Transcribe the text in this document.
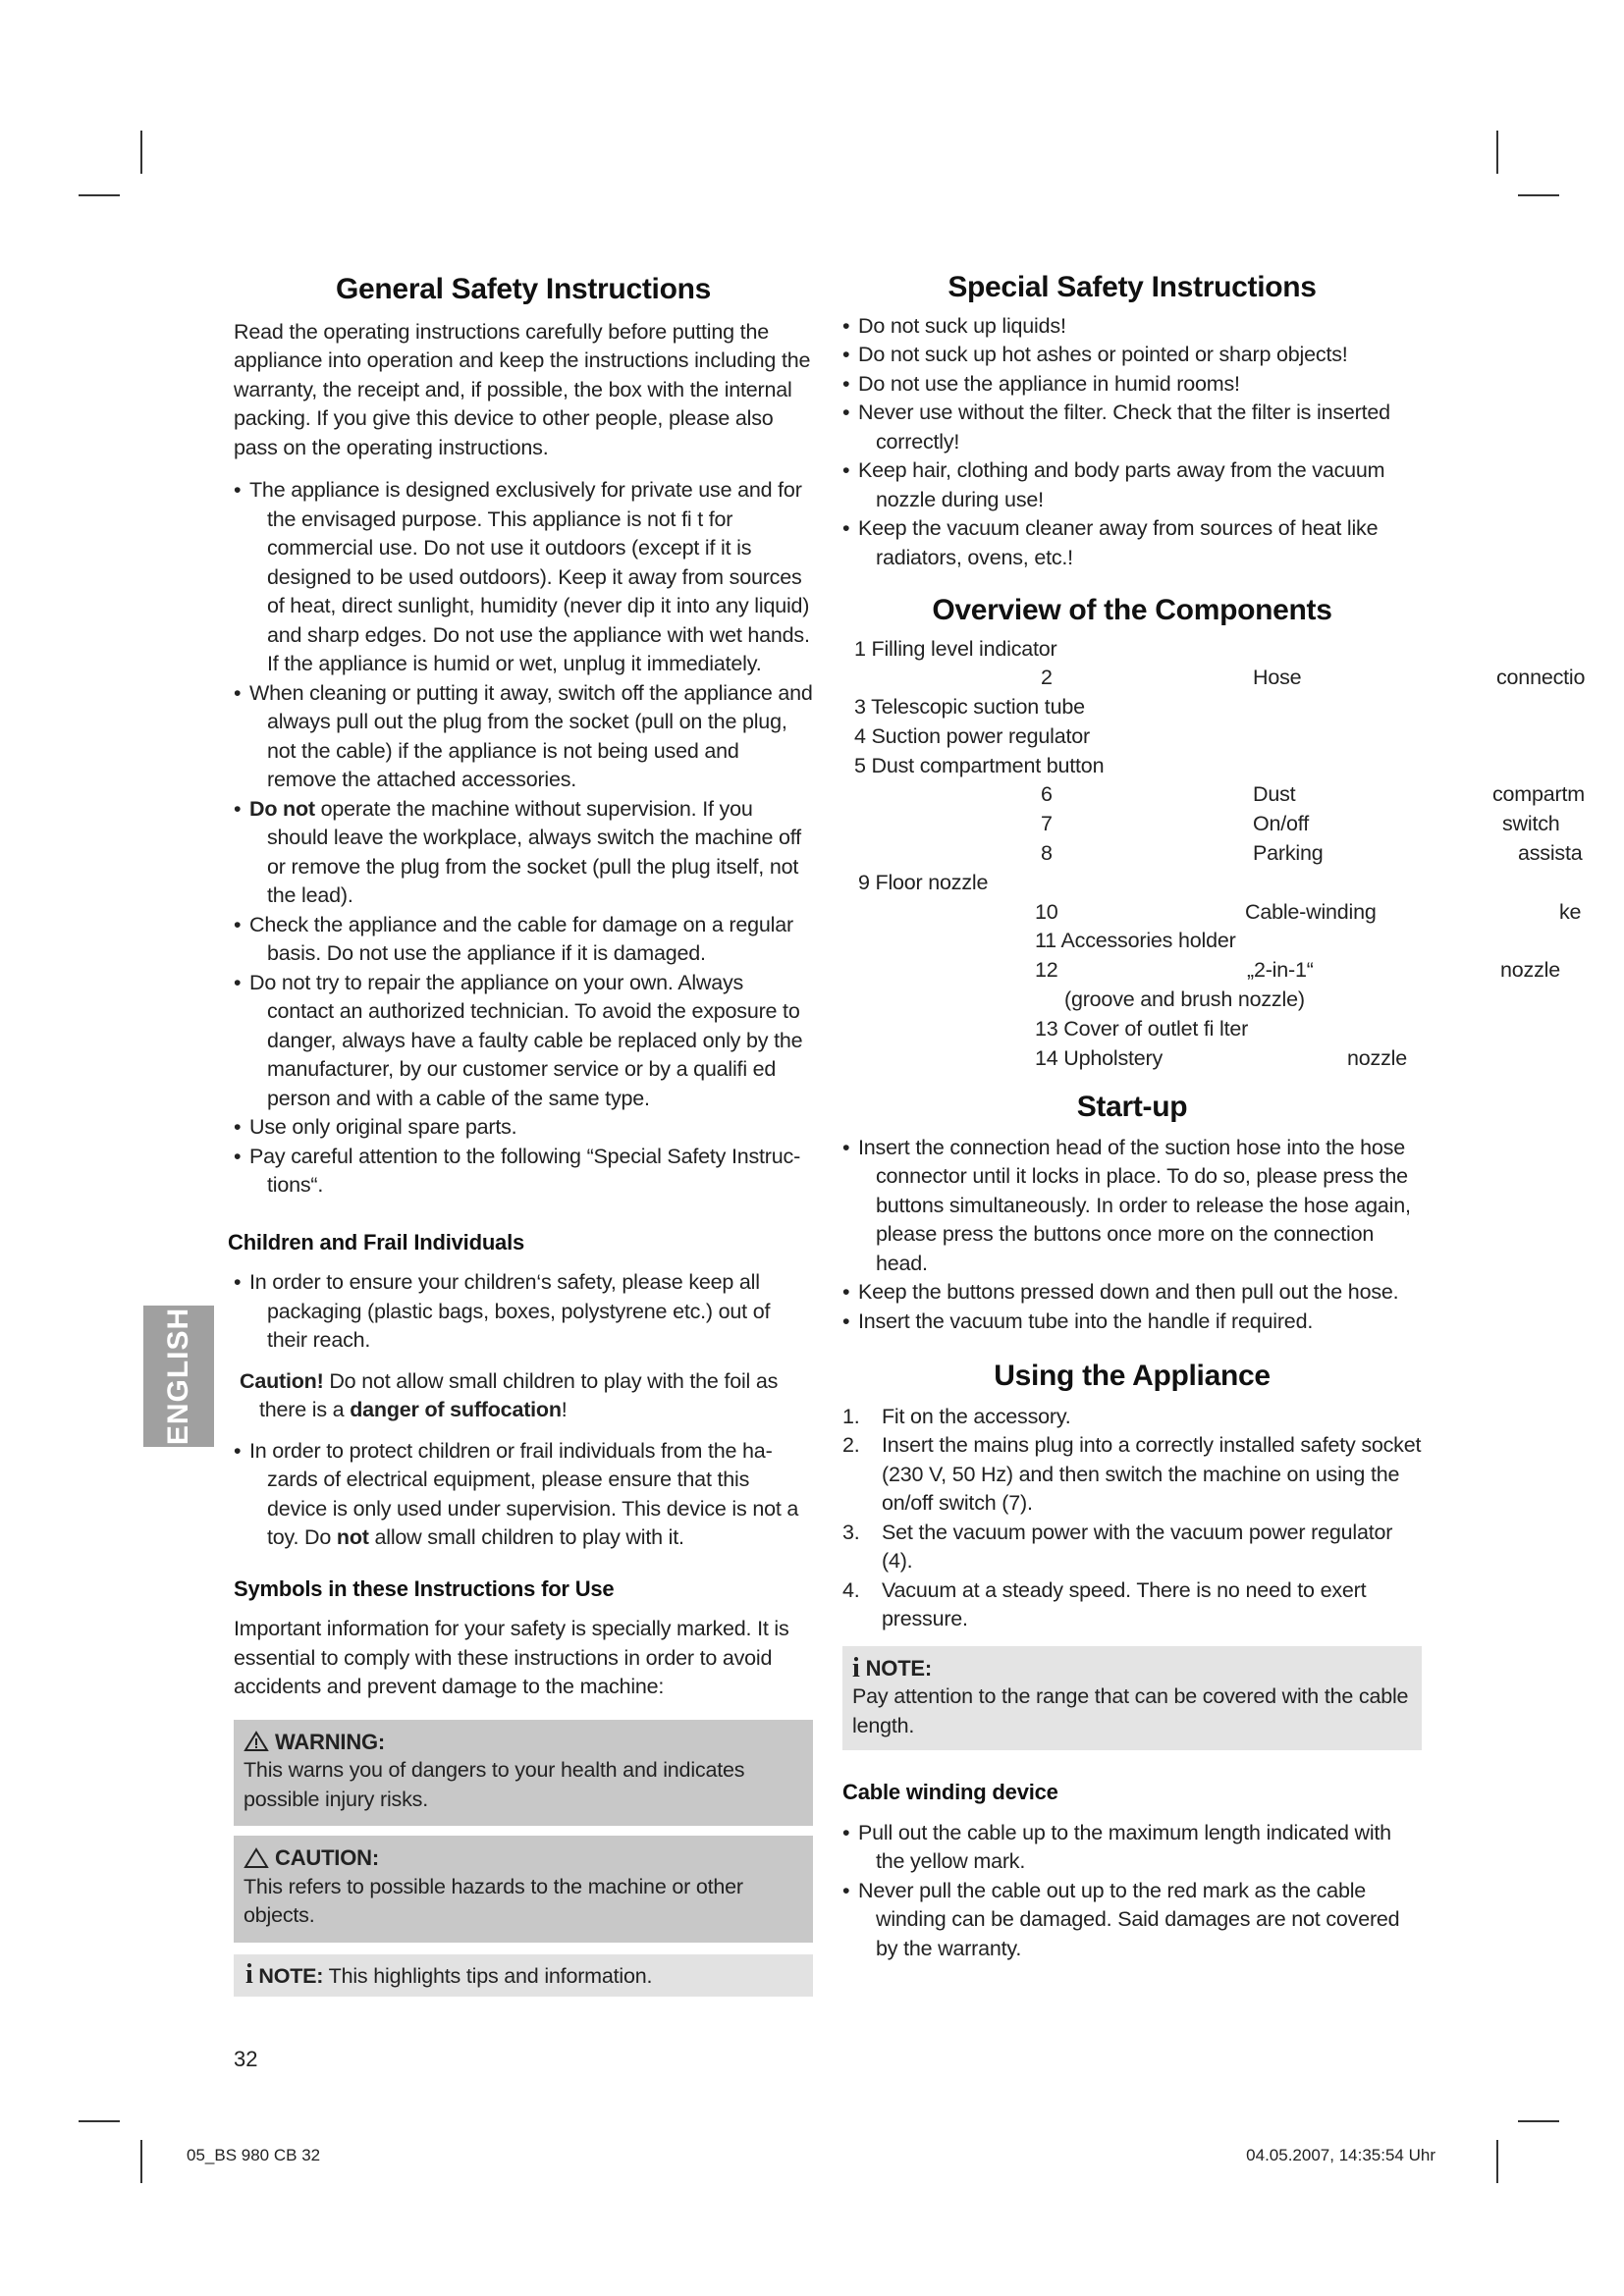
ENGLISH
General Safety Instructions

Read the operating instructions carefully before putting the appliance into operation and keep the instructions including the warranty, the receipt and, if possible, the box with the internal packing. If you give this device to other people, please also pass on the operating instructions.

• The appliance is designed exclusively for private use and for the envisaged purpose. This appliance is not fi t for commercial use. Do not use it outdoors (except if it is designed to be used outdoors). Keep it away from sources of heat, direct sunlight, humidity (never dip it into any liquid) and sharp edges. Do not use the appliance with wet hands. If the appliance is humid or wet, unplug it immediately.
• When cleaning or putting it away, switch off the appliance and always pull out the plug from the socket (pull on the plug, not the cable) if the appliance is not being used and remove the attached accessories.
• Do not operate the machine without supervision. If you should leave the workplace, always switch the machine off or remove the plug from the socket (pull the plug itself, not the lead).
• Check the appliance and the cable for damage on a regular basis. Do not use the appliance if it is damaged.
• Do not try to repair the appliance on your own. Always contact an authorized technician. To avoid the exposure to danger, always have a faulty cable be replaced only by the manufacturer, by our customer service or by a qualifi ed person and with a cable of the same type.
• Use only original spare parts.
• Pay careful attention to the following “Special Safety Instruc- tions“.
Children and Frail Individuals
• In order to ensure your children‘s safety, please keep all packaging (plastic bags, boxes, polystyrene etc.) out of their reach.

Caution! Do not allow small children to play with the foil as there is a danger of suffocation!

• In order to protect children or frail individuals from the ha- zards of electrical equipment, please ensure that this device is only used under supervision. This device is not a toy. Do not allow small children to play with it.
Symbols in these Instructions for Use

Important information for your safety is specially marked. It is essential to comply with these instructions in order to avoid accidents and prevent damage to the machine:

WARNING:
This warns you of dangers to your health and indicates possible injury risks.
CAUTION:
This refers to possible hazards to the machine or other objects.
i NOTE: This highlights tips and information.
32
Special Safety Instructions
• Do not suck up liquids!
• Do not suck up hot ashes or pointed or sharp objects!
• Do not use the appliance in humid rooms!
• Never use without the filter. Check that the filter is inserted correctly!
• Keep hair, clothing and body parts away from the vacuum nozzle during use!
• Keep the vacuum cleaner away from sources of heat like radiators, ovens, etc.!
Overview of the Components
1 Filling level indicator
2	Hose	connectio
3 Telescopic suction tube
4 Suction power regulator
5 Dust compartment button
6	Dust	compartm
7	On/off	switch
8	Parking	assista
9 Floor nozzle
10	Cable-winding	ke
11 Accessories holder
12	„2-in-1“	nozzle
(groove and brush nozzle)
13 Cover of outlet fi lter
14 Upholstery	nozzle
Start-up
• Insert the connection head of the suction hose into the hose connector until it locks in place. To do so, please press the buttons simultaneously. In order to release the hose again, please press the buttons once more on the connection head.
• Keep the buttons pressed down and then pull out the hose.
• Insert the vacuum tube into the handle if required.
Using the Appliance
1. Fit on the accessory.
2. Insert the mains plug into a correctly installed safety socket (230 V, 50 Hz) and then switch the machine on using the on/off switch (7).
3. Set the vacuum power with the vacuum power regulator (4).
4. Vacuum at a steady speed. There is no need to exert pressure.
i NOTE:
Pay attention to the range that can be covered with the cable length.
Cable winding device
• Pull out the cable up to the maximum length indicated with the yellow mark.
• Never pull the cable out up to the red mark as the cable winding can be damaged. Said damages are not covered by the warranty.
05_BS 980 CB 32	04.05.2007, 14:35:54 Uhr
